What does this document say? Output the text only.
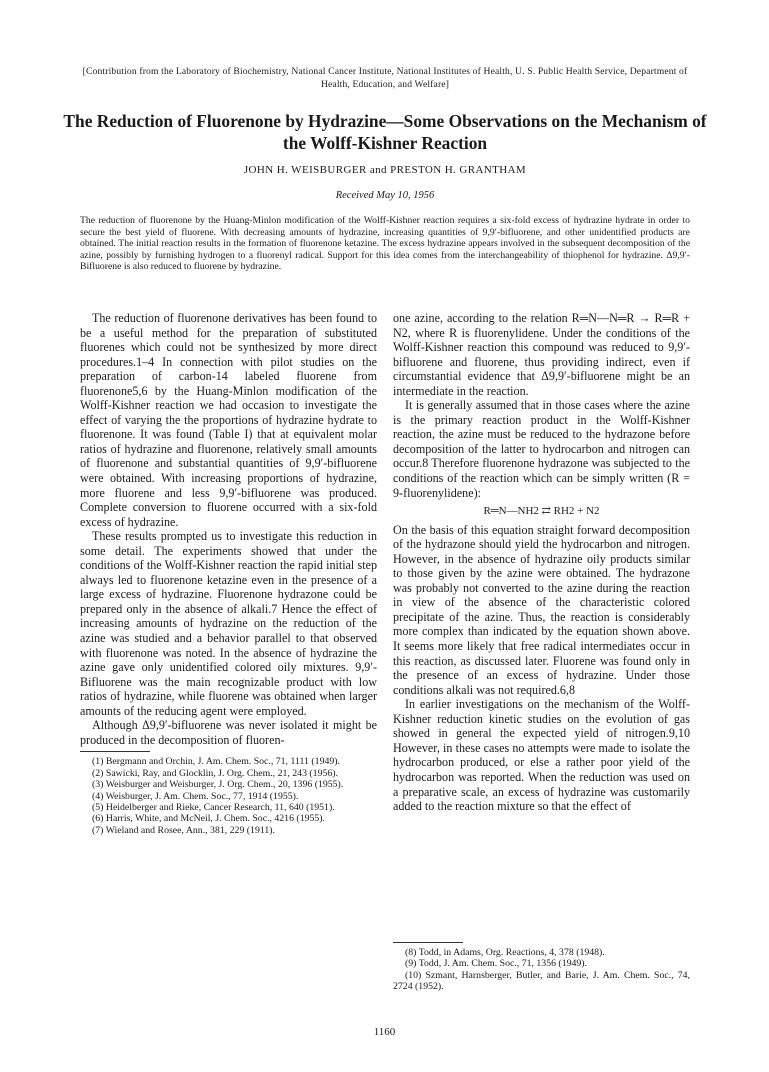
[Contribution from the Laboratory of Biochemistry, National Cancer Institute, National Institutes of Health, U. S. Public Health Service, Department of Health, Education, and Welfare]
The Reduction of Fluorenone by Hydrazine—Some Observations on the Mechanism of the Wolff-Kishner Reaction
JOHN H. WEISBURGER and PRESTON H. GRANTHAM
Received May 10, 1956
The reduction of fluorenone by the Huang-Minlon modification of the Wolff-Kishner reaction requires a six-fold excess of hydrazine hydrate in order to secure the best yield of fluorene. With decreasing amounts of hydrazine, increasing quantities of 9,9′-bifluorene, and other unidentified products are obtained. The initial reaction results in the formation of fluorenone ketazine. The excess hydrazine appears involved in the subsequent decomposition of the azine, possibly by furnishing hydrogen to a fluorenyl radical. Support for this idea comes from the interchangeability of thiophenol for hydrazine. Δ9,9′-Bifluorene is also reduced to fluorene by hydrazine.

The reduction of fluorenone derivatives has been found to be a useful method for the preparation of substituted fluorenes which could not be synthesized by more direct procedures.1–4 In connection with pilot studies on the preparation of carbon-14 labeled fluorene from fluorenone5,6 by the Huang-Minlon modification of the Wolff-Kishner reaction we had occasion to investigate the effect of varying the the proportions of hydrazine hydrate to fluorenone. It was found (Table I) that at equivalent molar ratios of hydrazine and fluorenone, relatively small amounts of fluorenone and substantial quantities of 9,9′-bifluorene were obtained. With increasing proportions of hydrazine, more fluorene and less 9,9′-bifluorene was produced. Complete conversion to fluorene occurred with a six-fold excess of hydrazine.

These results prompted us to investigate this reduction in some detail. The experiments showed that under the conditions of the Wolff-Kishner reaction the rapid initial step always led to fluorenone ketazine even in the presence of a large excess of hydrazine. Fluorenone hydrazone could be prepared only in the absence of alkali.7 Hence the effect of increasing amounts of hydrazine on the reduction of the azine was studied and a behavior parallel to that observed with fluorenone was noted. In the absence of hydrazine the azine gave only unidentified colored oily mixtures. 9,9′-Bifluorene was the main recognizable product with low ratios of hydrazine, while fluorene was obtained when larger amounts of the reducing agent were employed.

Although Δ9,9′-bifluorene was never isolated it might be produced in the decomposition of fluoren-

(1) Bergmann and Orchin, J. Am. Chem. Soc., 71, 1111 (1949).
(2) Sawicki, Ray, and Glocklin, J. Org. Chem., 21, 243 (1956).
(3) Weisburger and Weisburger, J. Org. Chem., 20, 1396 (1955).
(4) Weisburger, J. Am. Chem. Soc., 77, 1914 (1955).
(5) Heidelberger and Rieke, Cancer Research, 11, 640 (1951).
(6) Harris, White, and McNeil, J. Chem. Soc., 4216 (1955).
(7) Wieland and Rosee, Ann., 381, 229 (1911).

one azine, according to the relation R═N—N═R → R═R + N2, where R is fluorenylidene. Under the conditions of the Wolff-Kishner reaction this compound was reduced to 9,9′-bifluorene and fluorene, thus providing indirect, even if circumstantial evidence that Δ9,9′-bifluorene might be an intermediate in the reaction.

It is generally assumed that in those cases where the azine is the primary reaction product in the Wolff-Kishner reaction, the azine must be reduced to the hydrazone before decomposition of the latter to hydrocarbon and nitrogen can occur.8 Therefore fluorenone hydrazone was subjected to the conditions of the reaction which can be simply written (R = 9-fluorenylidene):

R═N—NH2 ⇄ RH2 + N2

On the basis of this equation straight forward decomposition of the hydrazone should yield the hydrocarbon and nitrogen. However, in the absence of hydrazine oily products similar to those given by the azine were obtained. The hydrazone was probably not converted to the azine during the reaction in view of the absence of the characteristic colored precipitate of the azine. Thus, the reaction is considerably more complex than indicated by the equation shown above. It seems more likely that free radical intermediates occur in this reaction, as discussed later. Fluorene was found only in the presence of an excess of hydrazine. Under those conditions alkali was not required.6,8

In earlier investigations on the mechanism of the Wolff-Kishner reduction kinetic studies on the evolution of gas showed in general the expected yield of nitrogen.9,10 However, in these cases no attempts were made to isolate the hydrocarbon produced, or else a rather poor yield of the hydrocarbon was reported. When the reduction was used on a preparative scale, an excess of hydrazine was customarily added to the reaction mixture so that the effect of

(8) Todd, in Adams, Org. Reactions, 4, 378 (1948).
(9) Todd, J. Am. Chem. Soc., 71, 1356 (1949).
(10) Szmant, Harnsberger, Butler, and Barie, J. Am. Chem. Soc., 74, 2724 (1952).
1160
